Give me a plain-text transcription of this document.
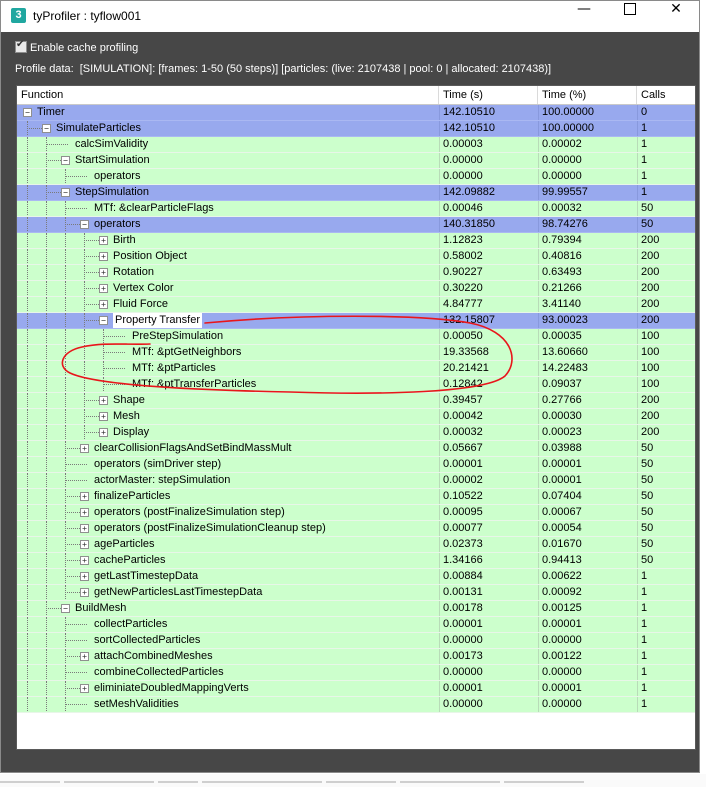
3 tyProfiler : tyflow001	—	✕
✔Enable cache profiling
Profile data: [SIMULATION]: [frames: 1-50 (50 steps)] [particles: (live: 2107438 | pool: 0 | allocated: 2107438)]
Function	Time (s)	Time (%)	Calls
− Timer	142.10510	100.00000	0
− SimulateParticles	142.10510	100.00000	1
calcSimValidity	0.00003	0.00002	1
− StartSimulation	0.00000	0.00000	1
operators	0.00000	0.00000	1
− StepSimulation	142.09882	99.99557	1
MTf: &clearParticleFlags	0.00046	0.00032	50
− operators	140.31850	98.74276	50
+ Birth	1.12823	0.79394	200
+ Position Object	0.58002	0.40816	200
+ Rotation	0.90227	0.63493	200
+ Vertex Color	0.30220	0.21266	200
+ Fluid Force	4.84777	3.41140	200
− Property Transfer	132.15807	93.00023	200
PreStepSimulation	0.00050	0.00035	100
MTf: &ptGetNeighbors	19.33568	13.60660	100
MTf: &ptParticles	20.21421	14.22483	100
MTf: &ptTransferParticles	0.12842	0.09037	100
+ Shape	0.39457	0.27766	200
+ Mesh	0.00042	0.00030	200
+ Display	0.00032	0.00023	200
+ clearCollisionFlagsAndSetBindMassMult	0.05667	0.03988	50
operators (simDriver step)	0.00001	0.00001	50
actorMaster: stepSimulation	0.00002	0.00001	50
+ finalizeParticles	0.10522	0.07404	50
+ operators (postFinalizeSimulation step)	0.00095	0.00067	50
+ operators (postFinalizeSimulationCleanup step)	0.00077	0.00054	50
+ ageParticles	0.02373	0.01670	50
+ cacheParticles	1.34166	0.94413	50
+ getLastTimestepData	0.00884	0.00622	1
+ getNewParticlesLastTimestepData	0.00131	0.00092	1
− BuildMesh	0.00178	0.00125	1
collectParticles	0.00001	0.00001	1
sortCollectedParticles	0.00000	0.00000	1
+ attachCombinedMeshes	0.00173	0.00122	1
combineCollectedParticles	0.00000	0.00000	1
+ eliminiateDoubledMappingVerts	0.00001	0.00001	1
setMeshValidities	0.00000	0.00000	1
